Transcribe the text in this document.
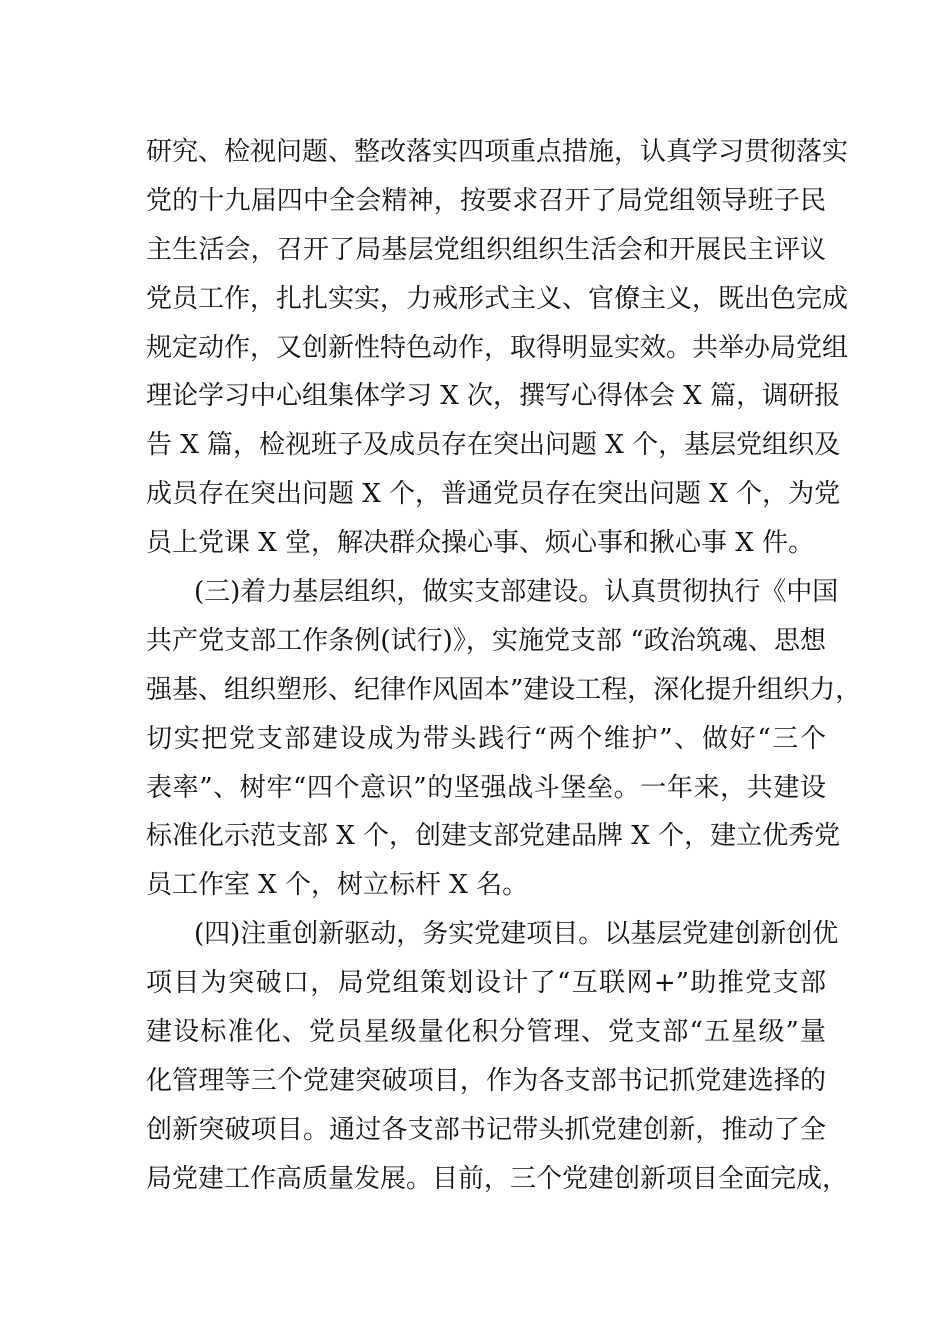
研究、检视问题、整改落实四项重点措施，认真学习贯彻落实
党的十九届四中全会精神，按要求召开了局党组领导班子民
主生活会，召开了局基层党组织组织生活会和开展民主评议
党员工作，扎扎实实，力戒形式主义、官僚主义，既出色完成
规定动作，又创新性特色动作，取得明显实效。共举办局党组
理论学习中心组集体学习 X 次，撰写心得体会 X 篇，调研报
告 X 篇，检视班子及成员存在突出问题 X 个，基层党组织及
成员存在突出问题 X 个，普通党员存在突出问题 X 个，为党
员上党课 X 堂，解决群众操心事、烦心事和揪心事 X 件。
(三)着力基层组织，做实支部建设。认真贯彻执行《中国
共产党支部工作条例(试行)》，实施党支部 “政治筑魂、思想
强基、组织塑形、纪律作风固本”建设工程，深化提升组织力，
切实把党支部建设成为带头践行“两个维护”、做好“三个
表率”、树牢“四个意识”的坚强战斗堡垒。一年来，共建设
标准化示范支部 X 个，创建支部党建品牌 X 个，建立优秀党
员工作室 X 个，树立标杆 X 名。
(四)注重创新驱动，务实党建项目。以基层党建创新创优
项目为突破口，局党组策划设计了“互联网+”助推党支部
建设标准化、党员星级量化积分管理、党支部“五星级”量
化管理等三个党建突破项目，作为各支部书记抓党建选择的
创新突破项目。通过各支部书记带头抓党建创新，推动了全
局党建工作高质量发展。目前，三个党建创新项目全面完成，
